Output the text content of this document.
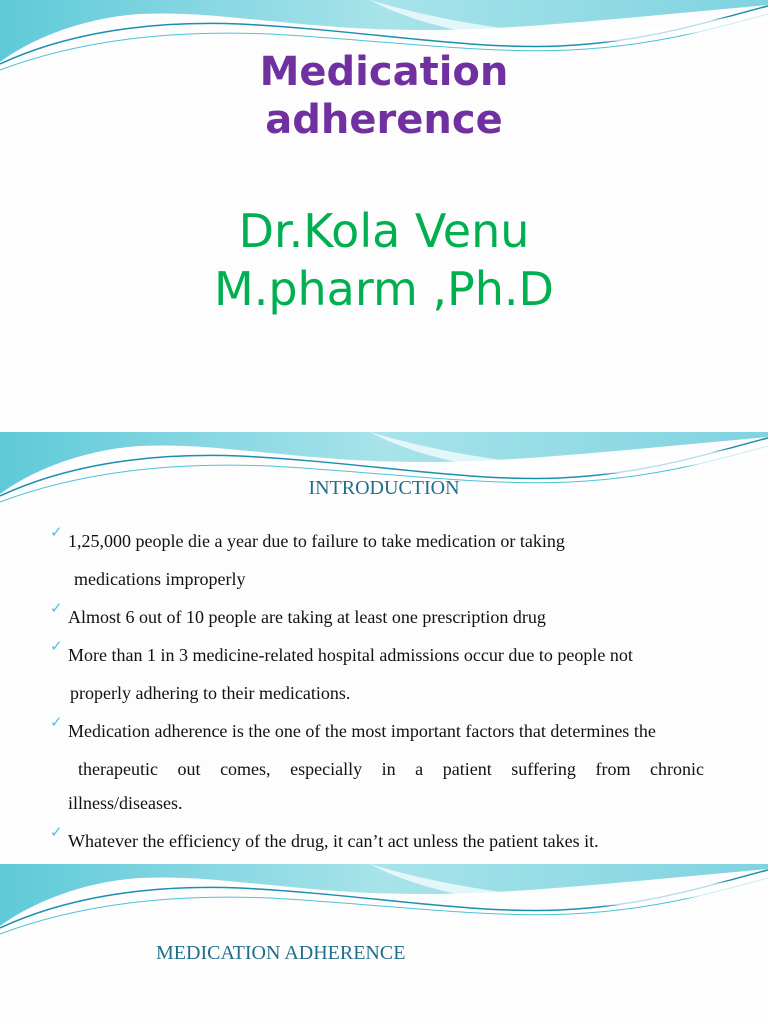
Medication
adherence
Dr.Kola Venu
M.pharm ,Ph.D
INTRODUCTION
✓ 1,25,000 people die a year due to failure to take medication or taking
medications improperly
✓ Almost 6 out of 10 people are taking at least one prescription drug
✓ More than 1 in 3 medicine-related hospital admissions occur due to people not
properly adhering to their medications.
✓ Medication adherence is the one of the most important factors that determines the
therapeutic out comes, especially in a patient suffering from chronic
illness/diseases.
✓ Whatever the efficiency of the drug, it can’t act unless the patient takes it.
MEDICATION ADHERENCE
